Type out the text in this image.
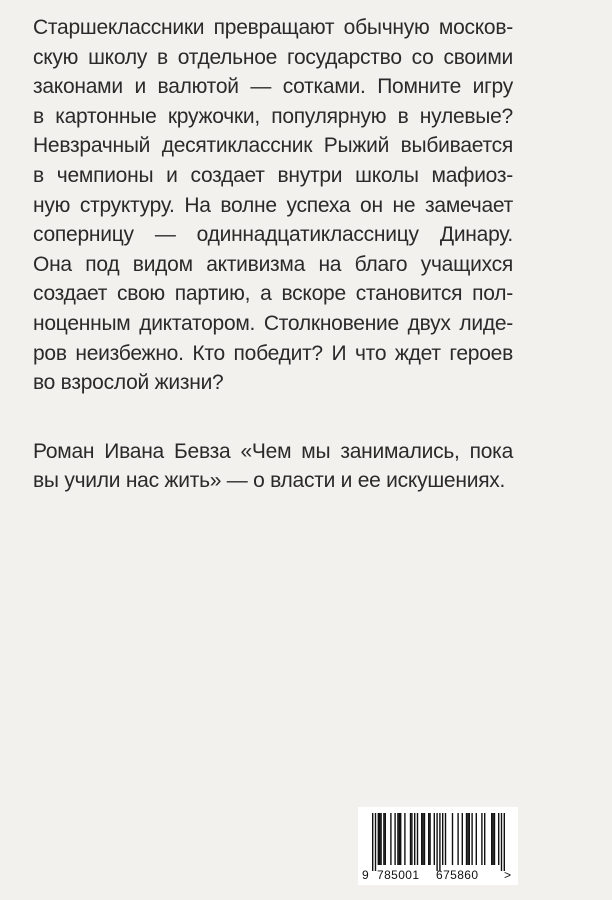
Старшеклассники превращают обычную москов-
скую школу в отдельное государство со своими
законами и валютой — сотками. Помните игру
в картонные кружочки, популярную в нулевые?
Невзрачный десятиклассник Рыжий выбивается
в чемпионы и создает внутри школы мафиоз-
ную структуру. На волне успеха он не замечает
соперницу — одиннадцатиклассницу Динару.
Она под видом активизма на благо учащихся
создает свою партию, а вскоре становится пол-
ноценным диктатором. Столкновение двух лиде-
ров неизбежно. Кто победит? И что ждет героев
во взрослой жизни?
Роман Ивана Бевза «Чем мы занимались, пока
вы учили нас жить» — о власти и ее искушениях.
9 785001 675860 >
